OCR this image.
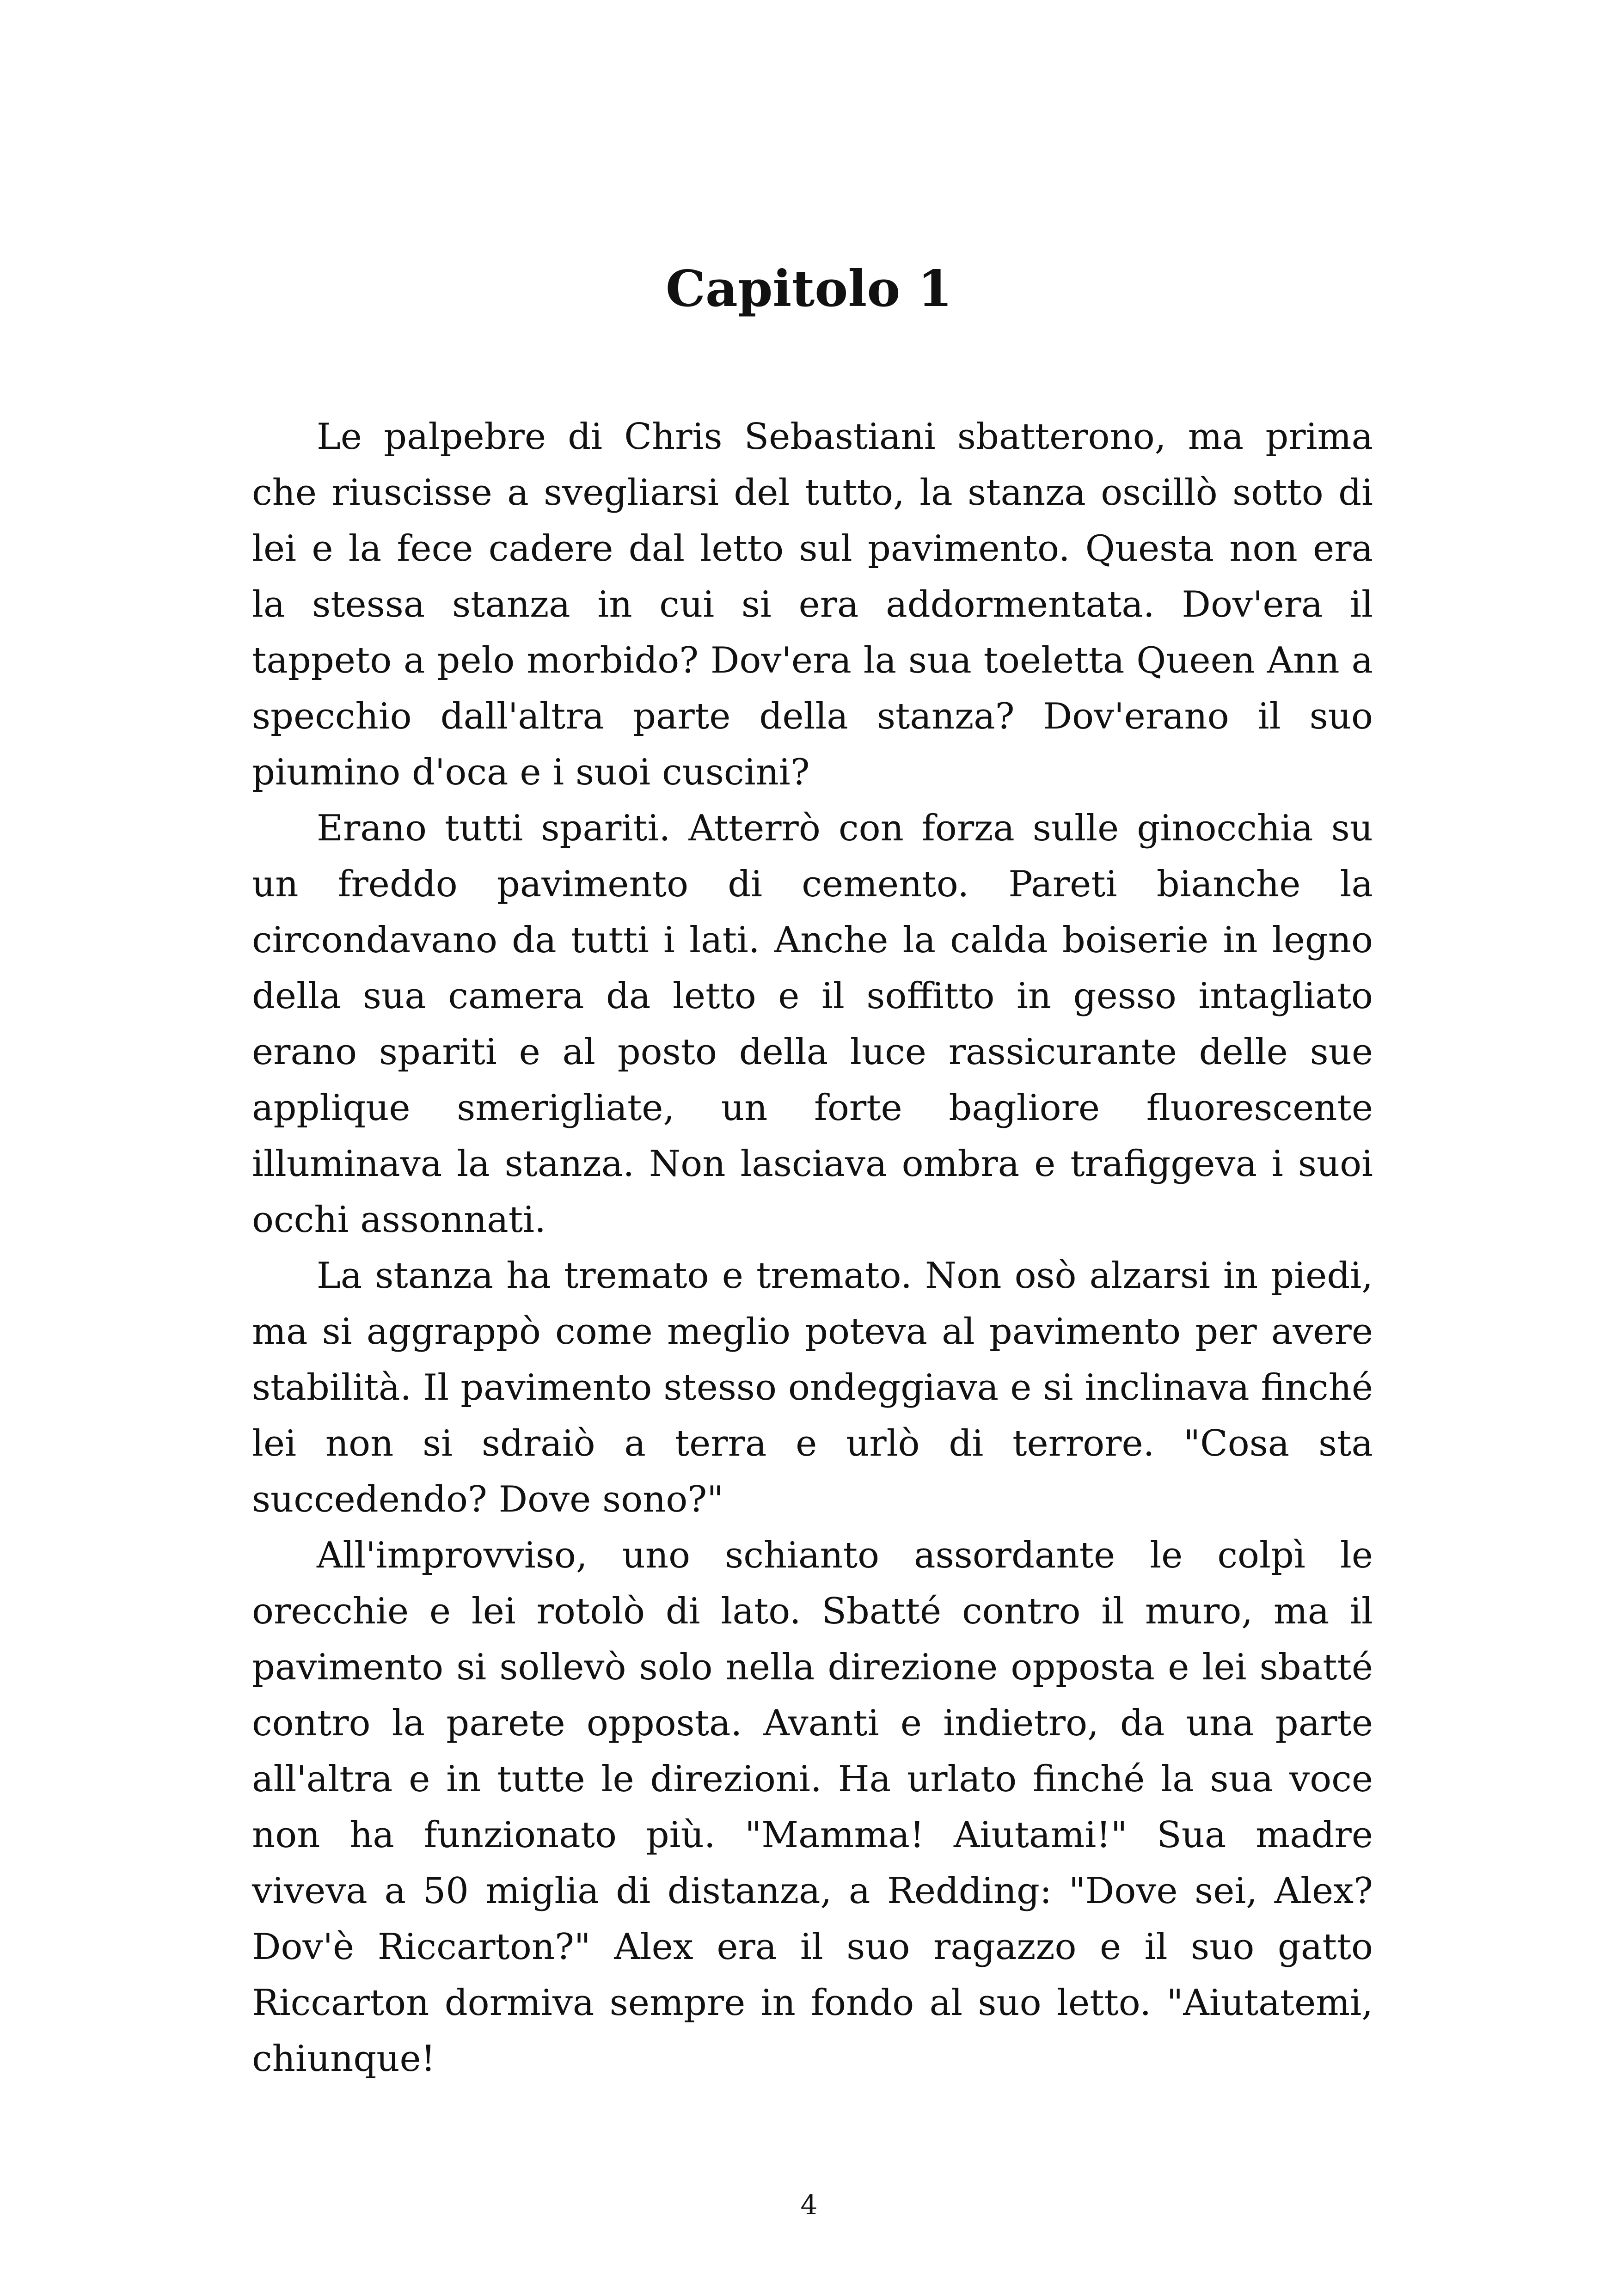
Capitolo 1

Le palpebre di Chris Sebastiani sbatterono, ma prima che riuscisse a svegliarsi del tutto, la stanza oscillò sotto di lei e la fece cadere dal letto sul pavimento. Questa non era la stessa stanza in cui si era addormentata. Dov'era il tappeto a pelo morbido? Dov'era la sua toeletta Queen Ann a specchio dall'altra parte della stanza? Dov'erano il suo piumino d'oca e i suoi cuscini?

Erano tutti spariti. Atterrò con forza sulle ginocchia su un freddo pavimento di cemento. Pareti bianche la circondavano da tutti i lati. Anche la calda boiserie in legno della sua camera da letto e il soffitto in gesso intagliato erano spariti e al posto della luce rassicurante delle sue applique smerigliate, un forte bagliore fluorescente illuminava la stanza. Non lasciava ombra e trafiggeva i suoi occhi assonnati.

La stanza ha tremato e tremato. Non osò alzarsi in piedi, ma si aggrappò come meglio poteva al pavimento per avere stabilità. Il pavimento stesso ondeggiava e si inclinava finché lei non si sdraiò a terra e urlò di terrore. "Cosa sta succedendo? Dove sono?"

All'improvviso, uno schianto assordante le colpì le orecchie e lei rotolò di lato. Sbatté contro il muro, ma il pavimento si sollevò solo nella direzione opposta e lei sbatté contro la parete opposta. Avanti e indietro, da una parte all'altra e in tutte le direzioni. Ha urlato finché la sua voce non ha funzionato più. "Mamma! Aiutami!" Sua madre viveva a 50 miglia di distanza, a Redding: "Dove sei, Alex? Dov'è Riccarton?" Alex era il suo ragazzo e il suo gatto Riccarton dormiva sempre in fondo al suo letto. "Aiutatemi, chiunque!

4
